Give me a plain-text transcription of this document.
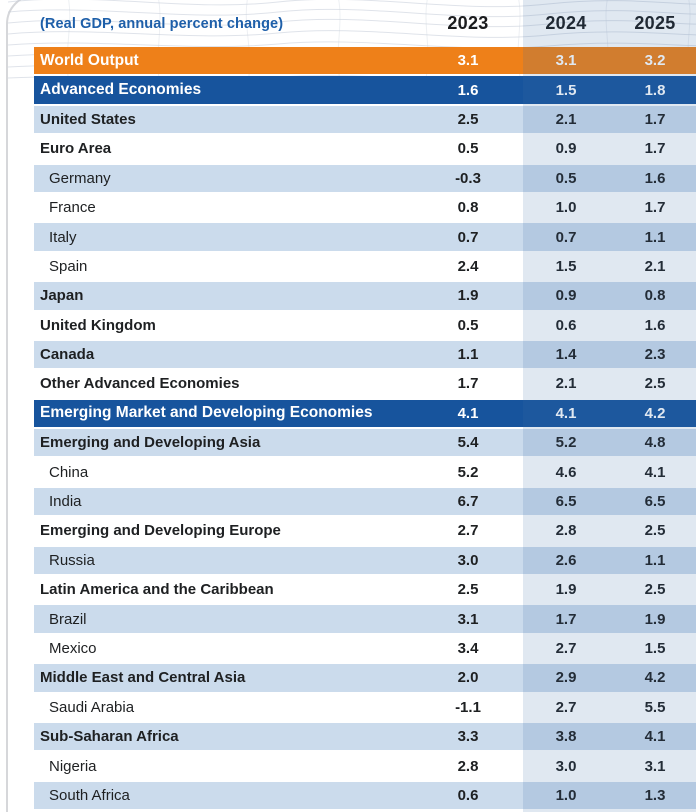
(Real GDP, annual percent change)	2023	2024	2025
World Output	3.1	3.1	3.2
Advanced Economies	1.6	1.5	1.8
United States	2.5	2.1	1.7
Euro Area	0.5	0.9	1.7
Germany	-0.3	0.5	1.6
France	0.8	1.0	1.7
Italy	0.7	0.7	1.1
Spain	2.4	1.5	2.1
Japan	1.9	0.9	0.8
United Kingdom	0.5	0.6	1.6
Canada	1.1	1.4	2.3
Other Advanced Economies	1.7	2.1	2.5
Emerging Market and Developing Economies	4.1	4.1	4.2
Emerging and Developing Asia	5.4	5.2	4.8
China	5.2	4.6	4.1
India	6.7	6.5	6.5
Emerging and Developing Europe	2.7	2.8	2.5
Russia	3.0	2.6	1.1
Latin America and the Caribbean	2.5	1.9	2.5
Brazil	3.1	1.7	1.9
Mexico	3.4	2.7	1.5
Middle East and Central Asia	2.0	2.9	4.2
Saudi Arabia	-1.1	2.7	5.5
Sub-Saharan Africa	3.3	3.8	4.1
Nigeria	2.8	3.0	3.1
South Africa	0.6	1.0	1.3
